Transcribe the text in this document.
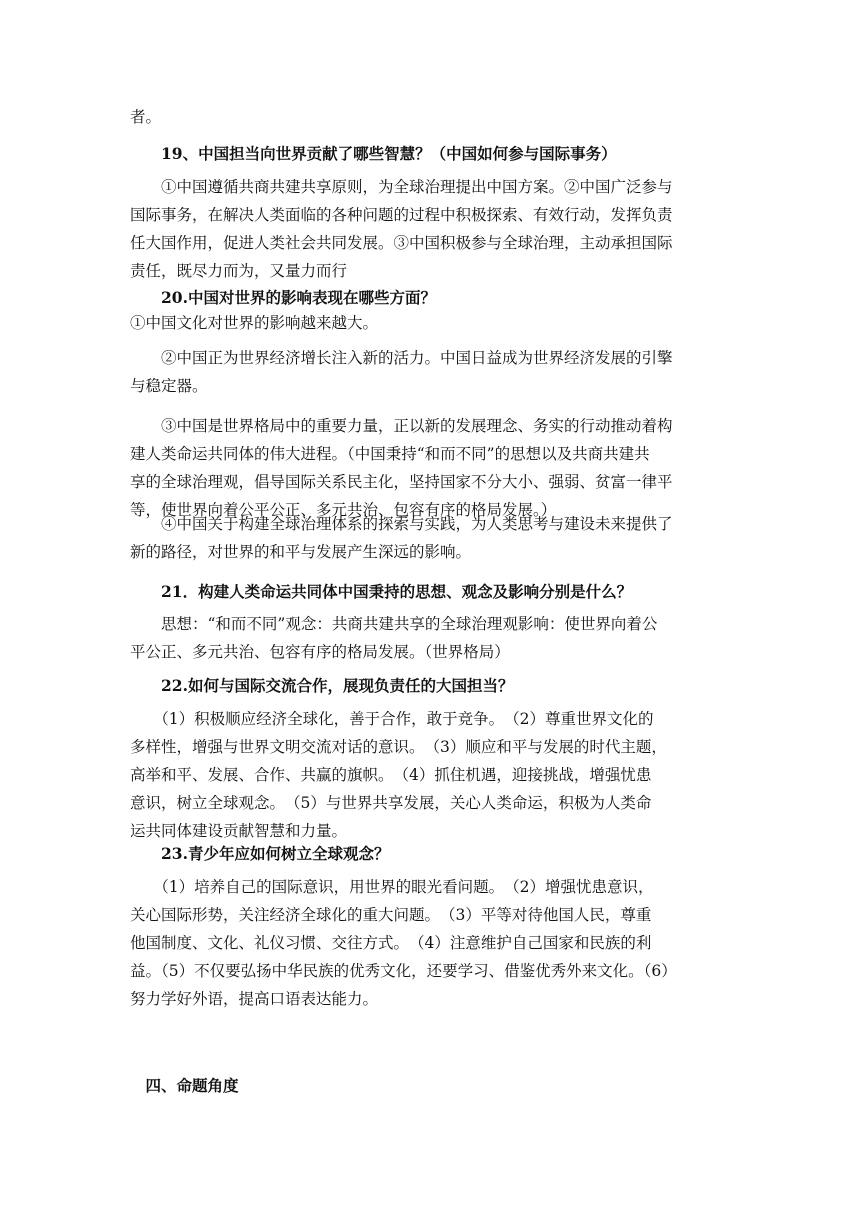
者。
　　19、中国担当向世界贡献了哪些智慧？（中国如何参与国际事务）
　　①中国遵循共商共建共享原则，为全球治理提出中国方案。②中国广泛参与
国际事务，在解决人类面临的各种问题的过程中积极探索、有效行动，发挥负责
任大国作用，促进人类社会共同发展。③中国积极参与全球治理，主动承担国际
责任，既尽力而为，又量力而行
　　20.中国对世界的影响表现在哪些方面？
①中国文化对世界的影响越来越大。
　　②中国正为世界经济增长注入新的活力。中国日益成为世界经济发展的引擎
与稳定器。
　　③中国是世界格局中的重要力量，正以新的发展理念、务实的行动推动着构
建人类命运共同体的伟大进程。（中国秉持“和而不同”的思想以及共商共建共
享的全球治理观，倡导国际关系民主化，坚持国家不分大小、强弱、贫富一律平
等，使世界向着公平公正、多元共治、包容有序的格局发展。）
　　④中国关于构建全球治理体系的探索与实践，为人类思考与建设未来提供了
新的路径，对世界的和平与发展产生深远的影响。
　　21．构建人类命运共同体中国秉持的思想、观念及影响分别是什么？
　　思想：“和而不同”观念：共商共建共享的全球治理观影响：使世界向着公
平公正、多元共治、包容有序的格局发展。（世界格局）
　　22.如何与国际交流合作，展现负责任的大国担当？
　　（1）积极顺应经济全球化，善于合作，敢于竞争。　（2）尊重世界文化的
多样性，增强与世界文明交流对话的意识。　（3）顺应和平与发展的时代主题，
高举和平、发展、合作、共赢的旗帜。　（4）抓住机遇，迎接挑战，增强忧患
意识，树立全球观念。　（5）与世界共享发展，关心人类命运，积极为人类命
运共同体建设贡献智慧和力量。
　　23.青少年应如何树立全球观念？
　　（1）培养自己的国际意识，用世界的眼光看问题。　（2）增强忧患意识，
关心国际形势，关注经济全球化的重大问题。　（3）平等对待他国人民，尊重
他国制度、文化、礼仪习惯、交往方式。　（4）注意维护自己国家和民族的利
益。（5）不仅要弘扬中华民族的优秀文化，还要学习、借鉴优秀外来文化。（6）
努力学好外语，提高口语表达能力。
　四、命题角度
